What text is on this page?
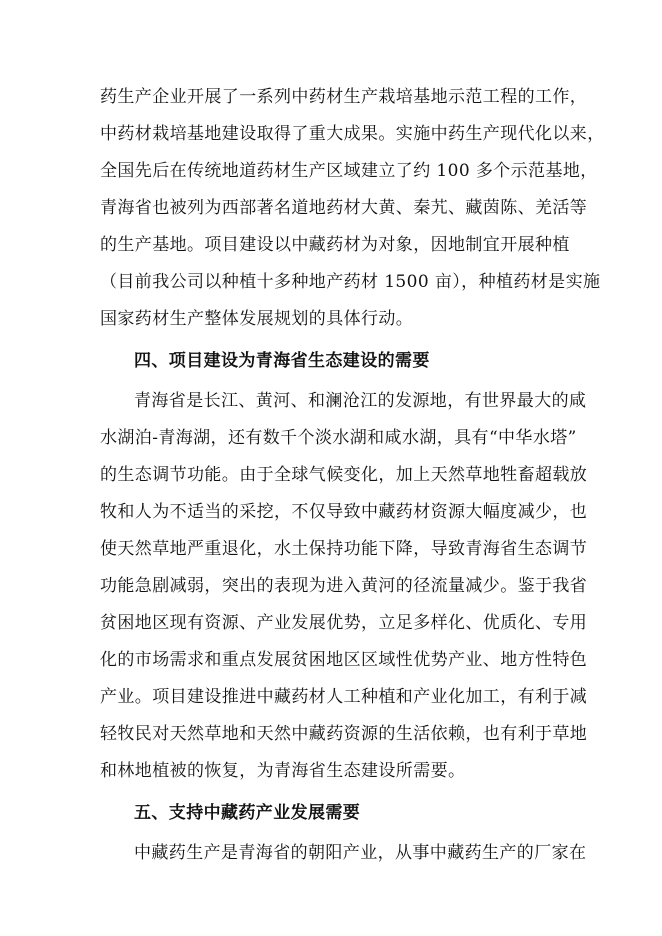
药生产企业开展了一系列中药材生产栽培基地示范工程的工作，
中药材栽培基地建设取得了重大成果。实施中药生产现代化以来，
全国先后在传统地道药材生产区域建立了约 100 多个示范基地，
青海省也被列为西部著名道地药材大黄、秦艽、藏茵陈、羌活等
的生产基地。项目建设以中藏药材为对象，因地制宜开展种植
（目前我公司以种植十多种地产药材 1500 亩），种植药材是实施
国家药材生产整体发展规划的具体行动。
四、项目建设为青海省生态建设的需要
青海省是长江、黄河、和澜沧江的发源地，有世界最大的咸
水湖泊-青海湖，还有数千个淡水湖和咸水湖，具有“中华水塔”
的生态调节功能。由于全球气候变化，加上天然草地牲畜超载放
牧和人为不适当的采挖，不仅导致中藏药材资源大幅度减少，也
使天然草地严重退化，水土保持功能下降，导致青海省生态调节
功能急剧减弱，突出的表现为进入黄河的径流量减少。鉴于我省
贫困地区现有资源、产业发展优势，立足多样化、优质化、专用
化的市场需求和重点发展贫困地区区域性优势产业、地方性特色
产业。项目建设推进中藏药材人工种植和产业化加工，有利于减
轻牧民对天然草地和天然中藏药资源的生活依赖，也有利于草地
和林地植被的恢复，为青海省生态建设所需要。
五、支持中藏药产业发展需要
中藏药生产是青海省的朝阳产业，从事中藏药生产的厂家在
